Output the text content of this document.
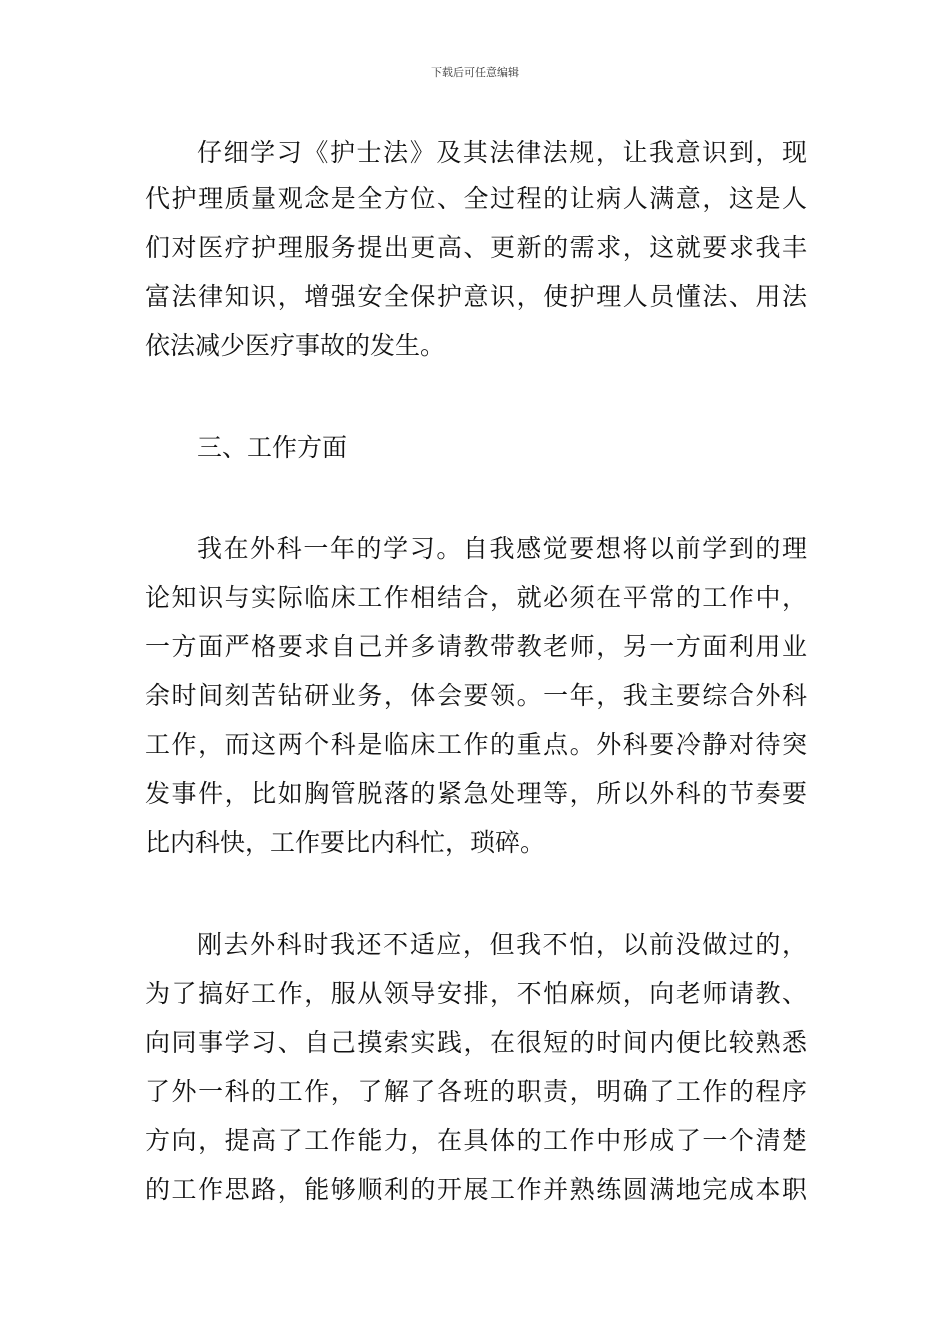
下载后可任意编辑
仔细学习《护士法》及其法律法规，让我意识到，现
代护理质量观念是全方位、全过程的让病人满意，这是人
们对医疗护理服务提出更高、更新的需求，这就要求我丰
富法律知识，增强安全保护意识，使护理人员懂法、用法
依法减少医疗事故的发生。
三、工作方面
我在外科一年的学习。自我感觉要想将以前学到的理
论知识与实际临床工作相结合，就必须在平常的工作中，
一方面严格要求自己并多请教带教老师，另一方面利用业
余时间刻苦钻研业务，体会要领。一年，我主要综合外科
工作，而这两个科是临床工作的重点。外科要冷静对待突
发事件，比如胸管脱落的紧急处理等，所以外科的节奏要
比内科快，工作要比内科忙，琐碎。
刚去外科时我还不适应，但我不怕，以前没做过的，
为了搞好工作，服从领导安排，不怕麻烦，向老师请教、
向同事学习、自己摸索实践，在很短的时间内便比较熟悉
了外一科的工作，了解了各班的职责，明确了工作的程序
方向，提高了工作能力，在具体的工作中形成了一个清楚
的工作思路，能够顺利的开展工作并熟练圆满地完成本职
